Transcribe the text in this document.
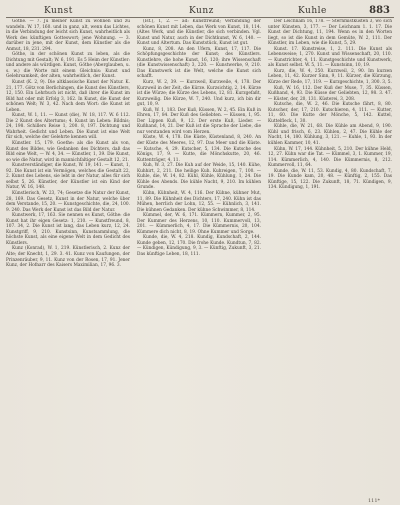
Kunst	Kunz	Kuhle	883

Göthe. — 7. Ju meiner Kunst zu wohnen und zu wandeln. W. 17, 160. und in ganz, alt, wenn das Lichtes, in die Verbindung der leicht sich Kunst, wahrheitlich als Werk des künftigen Gotteswort; jene Wohnung. — 3. darüber in jene, mit der Kunst, dem Künstler als die Anmut, 18, 231. 294.

Göthe, in der schönen Kunst zu leben, als die Dichtung mit Gestalt; W. 6, 191. Es 5 Heim der Künstler: und andere als würdigen. Kunst, Göthe (Aberglauben, u. s. w.) die Worte mit einem Gleichnis: Kunst und Gelehrsamkeit, der alten, wahrheitlich, der Kunst.

Kunst (K. 2, 9). Die altklassische Kunst der Natur. K. 21, 177. Götz von Berlichingen, die Kunst des Künstlers, 12, 150. Ein Lehrbuch ist nicht, daß ihrer die Kunst im Bild hat oder mit Erfolg 3, 162. In Kunst, die Kunst der schönen Welt; W. 3, 42. Nach dem Wort: die Kunst ist Leben.

Kunst, W. 1, 11. — Kunst (die), W. 18, 117. W. 6 112. Die 2 Kunst des Altertums; 4. Kunst im Leben: Bildnis; 24, 198. Schillers Reise 1, 200. 8, 197. Dichtung und Wahrheit. Gedicht und Leben. Die Kunst ist eine Welt für sich, welche der Gelehrte kennen will.

Künstler. 15, 179. Goethe: als die Kunst als von, Kunst des Bildes, wie Gedanken des Dichters, daß das Bild eine Welt, — W. 4, 34. — Künstler, 1, 39. Die Kunst, so wie die Natur, wird in mannichfaltiger Gestalt 12, 21.

Kunstverständiger, die Kunst, W. 19, 141. — Kunst, 1, 92. Die Kunst ist ein Vermögen, welches die Gestalt 22, 2. Kunst des Lebens, sie lebt in der Natur, alles für sich selbst 5, 26. Künstler, der Künstler ist ein Kind der Natur, W. 16, 148.

Künstlerisch, W. 23, 74; Gesetze die Natur der Kunst, 28, 169. Das Gesetz, Kunst in der Natur, welche über dem Verstande, 15, 20. — Kunstgeschichte, die, 24, 100. 9. 240. Das Werk der Kunst ist das Bild der Natur.

Kunstwerk, 17, 163. Sie nennen es Kunst, Göthe: die Kunst hat ihr eigen Gesetz: 1, 210. — Kunstfreund, 8, 107. 34, 2. Die Kunst ist lang, das Leben kurz, 12, 24. Kunstgriff, 9, 210. Kunstsinn, Kunstsammlung, die höchste Kunst, als eine eigene Welt in dem Gedicht des Künstlers.

Kunz (Konrad), W. 1, 219. Künstlerisch, 2. Kunz der Alte; der Knecht, 1, 29. 3. 41. Kunz von Kaufungen, der Prinzenräuber, 9, 11. Kunz von der Rosen, 17, 91. Jener Kunz, der Hofnarr des Kaisers Maximilian, 17, 96. 3.

(Ist.), 1, 2. — ad: Kunstfreund; Verbindung der schönen Kunst mit Leben, das Werk von Kunst, 18, 114. (Altes Werk, und die Künstler, die sich verbinden. Vgl. Kunst und Natur, auch in der Dichtkunst, W. 6, 140. — Kunst und Altertum. Das Kunststück, Kunst ist gut.

Kunz, 8, 208. An den Ufern, Kunst, 17, 117. Die Schöpfungsgeschichte der Kunst; des Künstlers. Kunstlehre, die hohe Kunst, 16, 120; ihre Wissenschaft (die Kunstwissenschaft) 3, 220. — Kunstwerke, 9, 210. Das Kunstwerk ist die Welt, welche die Kunst sich schafft.

Kurz, W. 2, 39. — Kurzweil, Kurzweile, 4, 178. Der Kurzweil in der Zeit, die Kürze. Kurzsichtig, 2, 14. Kürze ist die Würze; die Kürze des Lebens, 12, 81. Kurzgefaßt, Kurzweilig. Die Kürze, W. 7, 240. Und kurz, ich bin dir gut, 10, 9.

Kuß, W. 1, 183. Der Kuß, Küssen, W. 2, 45. Ein Kuß in Ehren, 17, 84. Der Kuß des Geliebten. — Küssen, 1, 95. Der Lippen Kuß, 9, 12. Der erste Kuß, Lieder. — Kußhand, 14, 21. Der Kuß ist die Sprache der Liebe, die nur verstanden wird vom Herzen.

Küste, W. 4, 178. Die Küste, Küstenland, 8, 240. An der Küste des Meeres, 12, 97. Das Meer und die Küste. — Kutsche, 4, 29. Kutscher, 5, 134. Die Kutsche des Königs, 17, 9. — Kutte, die Mönchskutte, 20, 46. Kuttenträger, 4, 11.

Kuh, W. 3, 27. Die Kuh auf der Weide, 15, 140. Kühe, Kuhhirt, 2, 211. Die heilige Kuh. Kuhreigen, 7, 100. — Kuhle, die, W. 14, 82. Kühl, Kühle, Kühlung, 1, 24. Die Kühle des Abends. Die kühle Nacht, 9, 210. Im kühlen Grunde.

Kühn, Kühnheit, W. 4, 116. Der Kühne, kühner Mut, 11, 89. Die Kühnheit des Dichters, 17, 240. Kühn ist das Mühen, herrlich der Lohn, 12, 55. — Kühnlich, 3, 141. Die kühnen Gedanken. Der kühne Schwimmer, 8, 114.

Kümmel, der, W. 6, 171. Kümmern, Kummer, 2, 95. Der Kummer des Herzens, 10, 110. Kummervoll, 13, 201. — Kümmerlich, 4, 17. Die Kümmernis, 20, 104. Kümmere dich nicht, 8, 19. Ohne Kummer und Sorge.

Kunde, die, W. 4, 218. Kundig, Kundschaft, 2, 144. Kunde geben, 12, 170. Die frohe Kunde. Kundtun, 7, 82. — Kündigen, Kündigung, 9, 3. — Künftig, Zukunft, 3, 21. Das künftige Leben, 18, 111.

Der Leichnam 16, 178. — Sternmistkusten 3, wo sich unter Künsten, 3, 177. — Der Leichnam 1. 1. 17. Die Kunst der Dichtung, 11, 194. Wenn es in den Worten liegt, so ist die Kunst in dem Gemüte, W. 2, 111. Der Künstler, im Leben, wie die Kunst, 5, 29.

Kunst. 17. Kunstreise, 1, 2. 111. Die Kunst als Lebensweise; 1, 270. Kunst und Wissenschaft, 20, 110. — Kunstrichter, 4, 11. Kunstgeschichte und Kunstwerk, als Kunst selbst. W. 5, 11. — Kunstsinn, 10, 19.

Kurz, die, W. 4, 250. Kurzweil, 2, 90. Im kurzen Leben, 11, 42. Kurzer Sinn, 9, 11. Kürzer, die Kürzung, Kürze der Rede, 17, 119. — Kurzgeschichte, 1, 300. 3, 5.

Kuß, W. 16, 112. Der Kuß der Muse, 7, 35. Küssen, Kußhand, 4, 93. Die Küsse der Geliebten, 12, 98. 3. 47. — Küster, der, 20, 131. Küsterei, 3, 208.

Kutsche, die, W. 2, 46. Die Kutsche fährt, 8, 80. Kutscher, der, 17, 210. Kutschieren, 4, 111. — Kutter, 11, 60. Die Kutte der Mönche, 5, 142. Kuttel, Kuttelfleck, 1, 30.

Kühle, die, W. 21, 68. Die Kühle am Abend, 9, 190. Kühl und frisch, 6, 23. Kühlen, 2, 47. Die Kühle der Nacht, 14, 180. Kühlung, 3, 121. — Kuhle, 1, 93. In der kühlen Kammer, 10, 41.

Kühn, W. 17, 144. Kühnheit, 5, 210. Der kühne Held, 12, 27. Kühn war die Tat. — Kümmel, 3, 1. Kummer, 19, 114. Kümmerlich, 4, 140. Die Kümmernis, 8, 212. Kummervoll, 11, 64.

Kunde, die, W. 11, 53. Kundig, 4, 80. Kundschaft, 7, 19. Die Kunde kam, 20, 48. — Künftig, 2, 155. Das Künftige, 15, 122. Die Zukunft, 18, 71. Kündigen, 9, 134. Kündigung, 1, 191.

111*
